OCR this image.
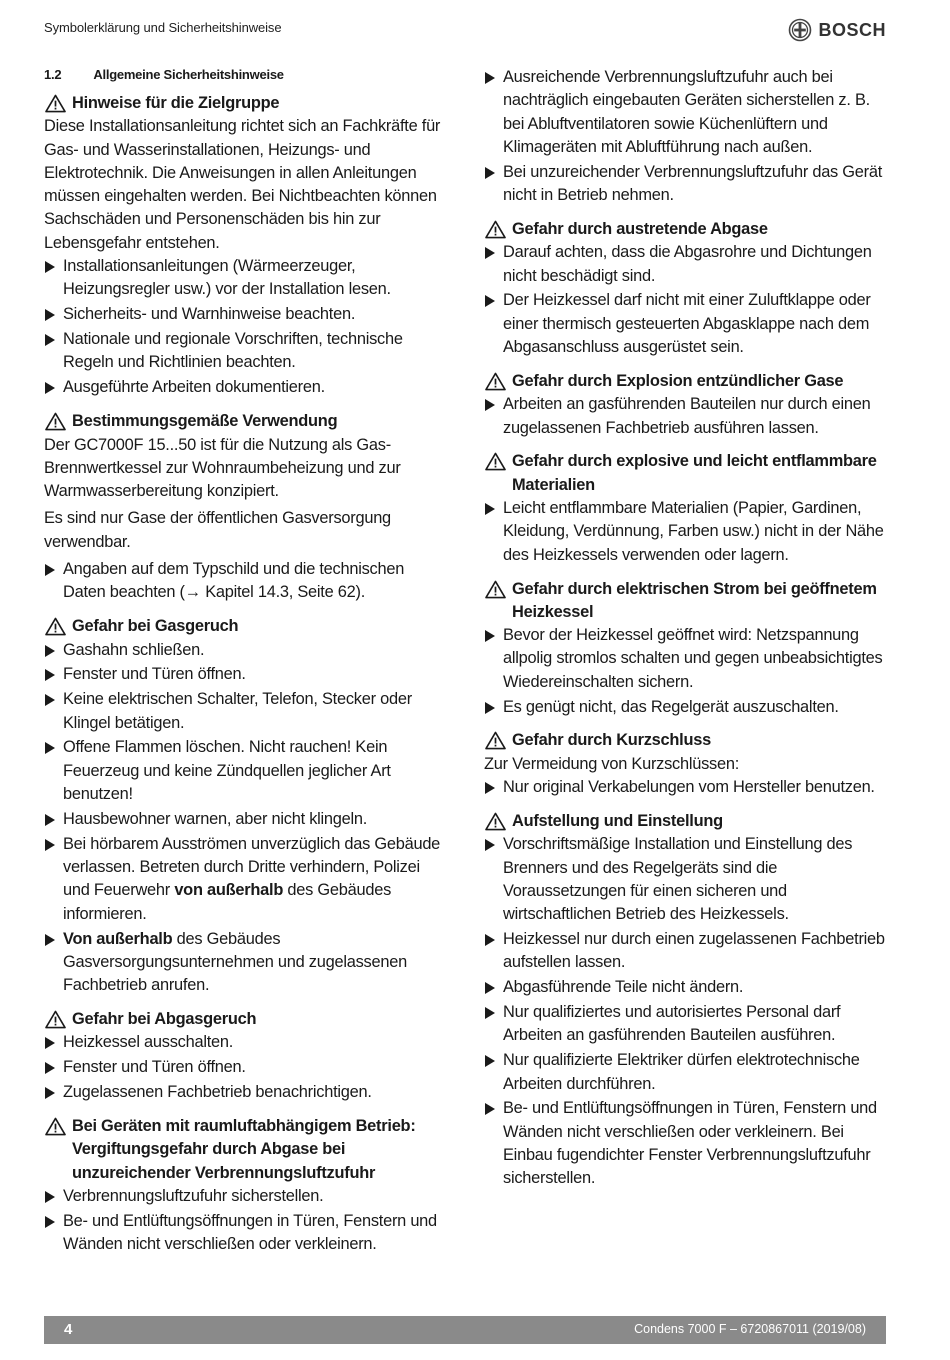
Symbolerklärung und Sicherheitshinweise	BOSCH
1.2 Allgemeine Sicherheitshinweise
Hinweise für die Zielgruppe

Diese Installationsanleitung richtet sich an Fachkräfte für Gas- und Wasserinstallationen, Heizungs- und Elektrotechnik. Die Anweisungen in allen Anleitungen müssen eingehalten werden. Bei Nichtbeachten können Sachschäden und Personenschäden bis hin zur Lebensgefahr entstehen.

Installationsanleitungen (Wärmeerzeuger, Heizungsregler usw.) vor der Installation lesen.
Sicherheits- und Warnhinweise beachten.
Nationale und regionale Vorschriften, technische Regeln und Richtlinien beachten.
Ausgeführte Arbeiten dokumentieren.
Bestimmungsgemäße Verwendung

Der GC7000F 15...50 ist für die Nutzung als Gas-Brennwertkessel zur Wohnraumbeheizung und zur Warmwasserbereitung konzipiert.

Es sind nur Gase der öffentlichen Gasversorgung verwendbar.

Angaben auf dem Typschild und die technischen Daten beachten (→ Kapitel 14.3, Seite 62).
Gefahr bei Gasgeruch
Gashahn schließen.
Fenster und Türen öffnen.
Keine elektrischen Schalter, Telefon, Stecker oder Klingel betätigen.
Offene Flammen löschen. Nicht rauchen! Kein Feuerzeug und keine Zündquellen jeglicher Art benutzen!
Hausbewohner warnen, aber nicht klingeln.
Bei hörbarem Ausströmen unverzüglich das Gebäude verlassen. Betreten durch Dritte verhindern, Polizei und Feuerwehr von außerhalb des Gebäudes informieren.
Von außerhalb des Gebäudes Gasversorgungsunternehmen und zugelassenen Fachbetrieb anrufen.
Gefahr bei Abgasgeruch
Heizkessel ausschalten.
Fenster und Türen öffnen.
Zugelassenen Fachbetrieb benachrichtigen.
Bei Geräten mit raumluftabhängigem Betrieb: Vergiftungsgefahr durch Abgase bei unzureichender Verbrennungsluftzufuhr
Verbrennungsluftzufuhr sicherstellen.
Be- und Entlüftungsöffnungen in Türen, Fenstern und Wänden nicht verschließen oder verkleinern.
Ausreichende Verbrennungsluftzufuhr auch bei nachträglich eingebauten Geräten sicherstellen z. B. bei Abluftventilatoren sowie Küchenlüftern und Klimageräten mit Abluftführung nach außen.
Bei unzureichender Verbrennungsluftzufuhr das Gerät nicht in Betrieb nehmen.
Gefahr durch austretende Abgase
Darauf achten, dass die Abgasrohre und Dichtungen nicht beschädigt sind.
Der Heizkessel darf nicht mit einer Zuluftklappe oder einer thermisch gesteuerten Abgasklappe nach dem Abgasanschluss ausgerüstet sein.
Gefahr durch Explosion entzündlicher Gase
Arbeiten an gasführenden Bauteilen nur durch einen zugelassenen Fachbetrieb ausführen lassen.
Gefahr durch explosive und leicht entflammbare Materialien
Leicht entflammbare Materialien (Papier, Gardinen, Kleidung, Verdünnung, Farben usw.) nicht in der Nähe des Heizkessels verwenden oder lagern.
Gefahr durch elektrischen Strom bei geöffnetem Heizkessel
Bevor der Heizkessel geöffnet wird: Netzspannung allpolig stromlos schalten und gegen unbeabsichtigtes Wiedereinschalten sichern.
Es genügt nicht, das Regelgerät auszuschalten.
Gefahr durch Kurzschluss

Zur Vermeidung von Kurzschlüssen:

Nur original Verkabelungen vom Hersteller benutzen.
Aufstellung und Einstellung
Vorschriftsmäßige Installation und Einstellung des Brenners und des Regelgeräts sind die Voraussetzungen für einen sicheren und wirtschaftlichen Betrieb des Heizkessels.
Heizkessel nur durch einen zugelassenen Fachbetrieb aufstellen lassen.
Abgasführende Teile nicht ändern.
Nur qualifiziertes und autorisiertes Personal darf Arbeiten an gasführenden Bauteilen ausführen.
Nur qualifizierte Elektriker dürfen elektrotechnische Arbeiten durchführen.
Be- und Entlüftungsöffnungen in Türen, Fenstern und Wänden nicht verschließen oder verkleinern. Bei Einbau fugendichter Fenster Verbrennungsluftzufuhr sicherstellen.
4	Condens 7000 F – 6720867011 (2019/08)
